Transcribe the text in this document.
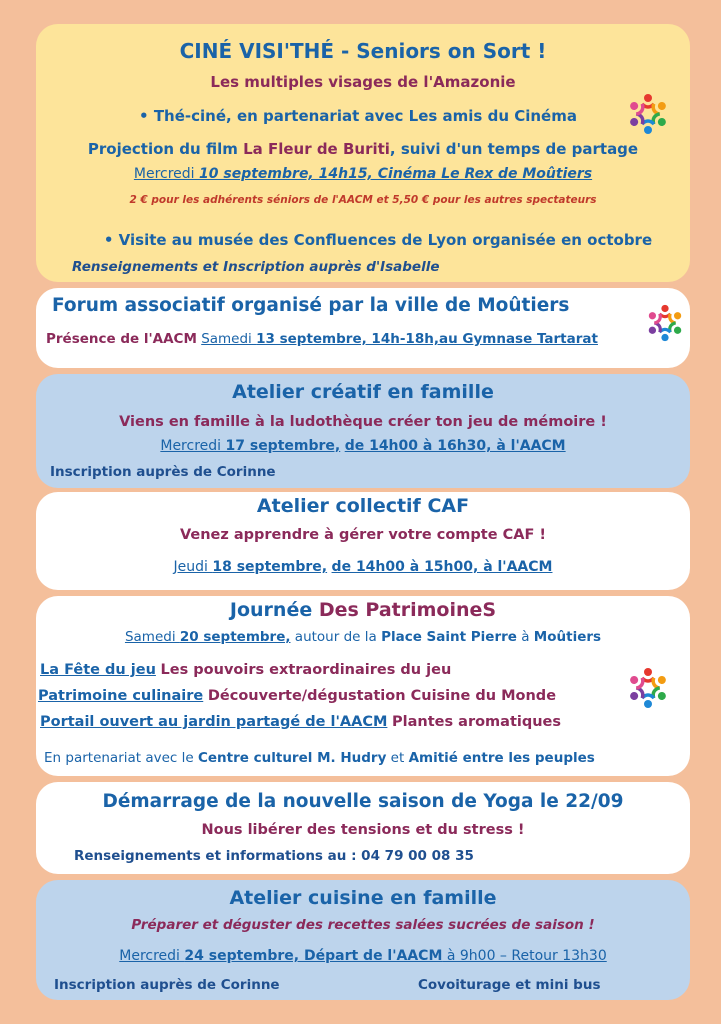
CINÉ VISI'THÉ - Seniors on Sort !
Les multiples visages de l'Amazonie
• Thé-ciné, en partenariat avec Les amis du Cinéma
Projection du film La Fleur de Buriti, suivi d'un temps de partage
Mercredi 10 septembre, 14h15, Cinéma Le Rex de Moûtiers
2 € pour les adhérents séniors de l'AACM et 5,50 € pour les autres spectateurs
• Visite au musée des Confluences de Lyon organisée en octobre
Renseignements et Inscription auprès d'Isabelle
Forum associatif organisé par la ville de Moûtiers
Présence de l'AACM Samedi 13 septembre, 14h-18h,au Gymnase Tartarat
Atelier créatif en famille
Viens en famille à la ludothèque créer ton jeu de mémoire !
Mercredi 17 septembre, de 14h00 à 16h30, à l'AACM
Inscription auprès de Corinne
Atelier collectif CAF
Venez apprendre à gérer votre compte CAF !
Jeudi 18 septembre, de 14h00 à 15h00, à l'AACM
Journée Des PatrimoineS
Samedi 20 septembre, autour de la Place Saint Pierre à Moûtiers
La Fête du jeu Les pouvoirs extraordinaires du jeu
Patrimoine culinaire Découverte/dégustation Cuisine du Monde
Portail ouvert au jardin partagé de l'AACM Plantes aromatiques
En partenariat avec le Centre culturel M. Hudry et Amitié entre les peuples
Démarrage de la nouvelle saison de Yoga le 22/09
Nous libérer des tensions et du stress !
Renseignements et informations au : 04 79 00 08 35
Atelier cuisine en famille
Préparer et déguster des recettes salées sucrées de saison !
Mercredi 24 septembre, Départ de l'AACM à 9h00 – Retour 13h30
Inscription auprès de Corinne	Covoiturage et mini bus
